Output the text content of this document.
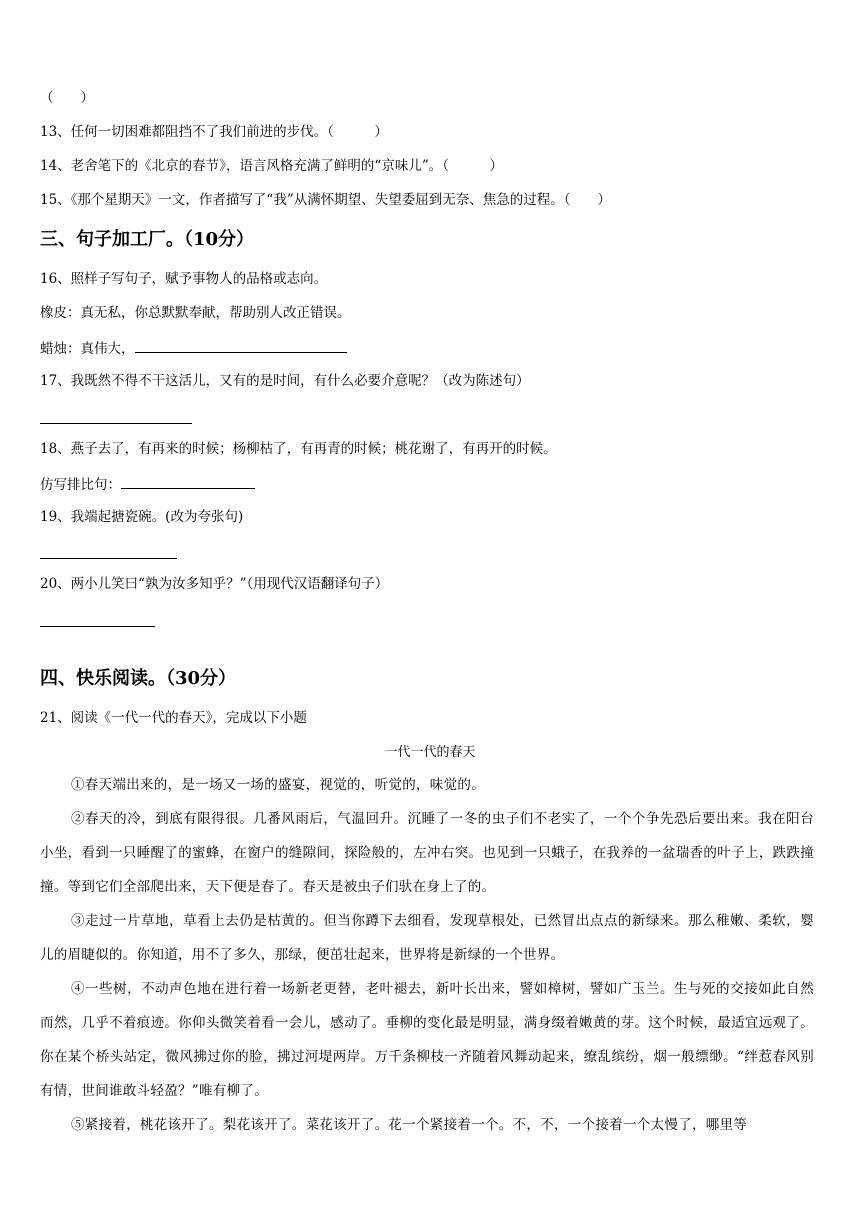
（　　）
13、任何一切困难都阻挡不了我们前进的步伐。（　　　）
14、老舍笔下的《北京的春节》，语言风格充满了鲜明的“京味儿”。（　　　）
15、《那个星期天》一文，作者描写了“我”从满怀期望、失望委屈到无奈、焦急的过程。（　　）
三、句子加工厂。（10分）
16、照样子写句子，赋予事物人的品格或志向。
橡皮：真无私，你总默默奉献，帮助别人改正错误。
蜡烛：真伟大，
17、我既然不得不干这活儿，又有的是时间，有什么必要介意呢？（改为陈述句）
18、燕子去了，有再来的时候；杨柳枯了，有再青的时候；桃花谢了，有再开的时候。
仿写排比句：
19、我端起搪瓷碗。(改为夸张句)
20、两小儿笑曰“孰为汝多知乎？”（用现代汉语翻译句子）
四、快乐阅读。（30分）
21、阅读《一代一代的春天》，完成以下小题
一代一代的春天
①春天端出来的，是一场又一场的盛宴，视觉的，听觉的，味觉的。
②春天的冷，到底有限得很。几番风雨后，气温回升。沉睡了一冬的虫子们不老实了，一个个争先恐后要出来。我在阳台小坐，看到一只睡醒了的蜜蜂，在窗户的缝隙间，探险般的，左冲右突。也见到一只蛾子，在我养的一盆瑞香的叶子上，跌跌撞撞。等到它们全部爬出来，天下便是春了。春天是被虫子们驮在身上了的。
③走过一片草地，草看上去仍是枯黄的。但当你蹲下去细看，发现草根处，已然冒出点点的新绿来。那么稚嫩、柔软，婴儿的眉睫似的。你知道，用不了多久，那绿，便茁壮起来，世界将是新绿的一个世界。
④一些树，不动声色地在进行着一场新老更替，老叶褪去，新叶长出来，譬如樟树，譬如广玉兰。生与死的交接如此自然而然，几乎不着痕迹。你仰头微笑着看一会儿，感动了。垂柳的变化最是明显，满身缀着嫩黄的芽。这个时候，最适宜远观了。你在某个桥头站定，微风拂过你的脸，拂过河堤两岸。万千条柳枝一齐随着风舞动起来，缭乱缤纷，烟一般缥缈。“绊惹春风别有情，世间谁敢斗轻盈？”唯有柳了。
⑤紧接着，桃花该开了。梨花该开了。菜花该开了。花一个紧接着一个。不，不，一个接着一个太慢了，哪里等
